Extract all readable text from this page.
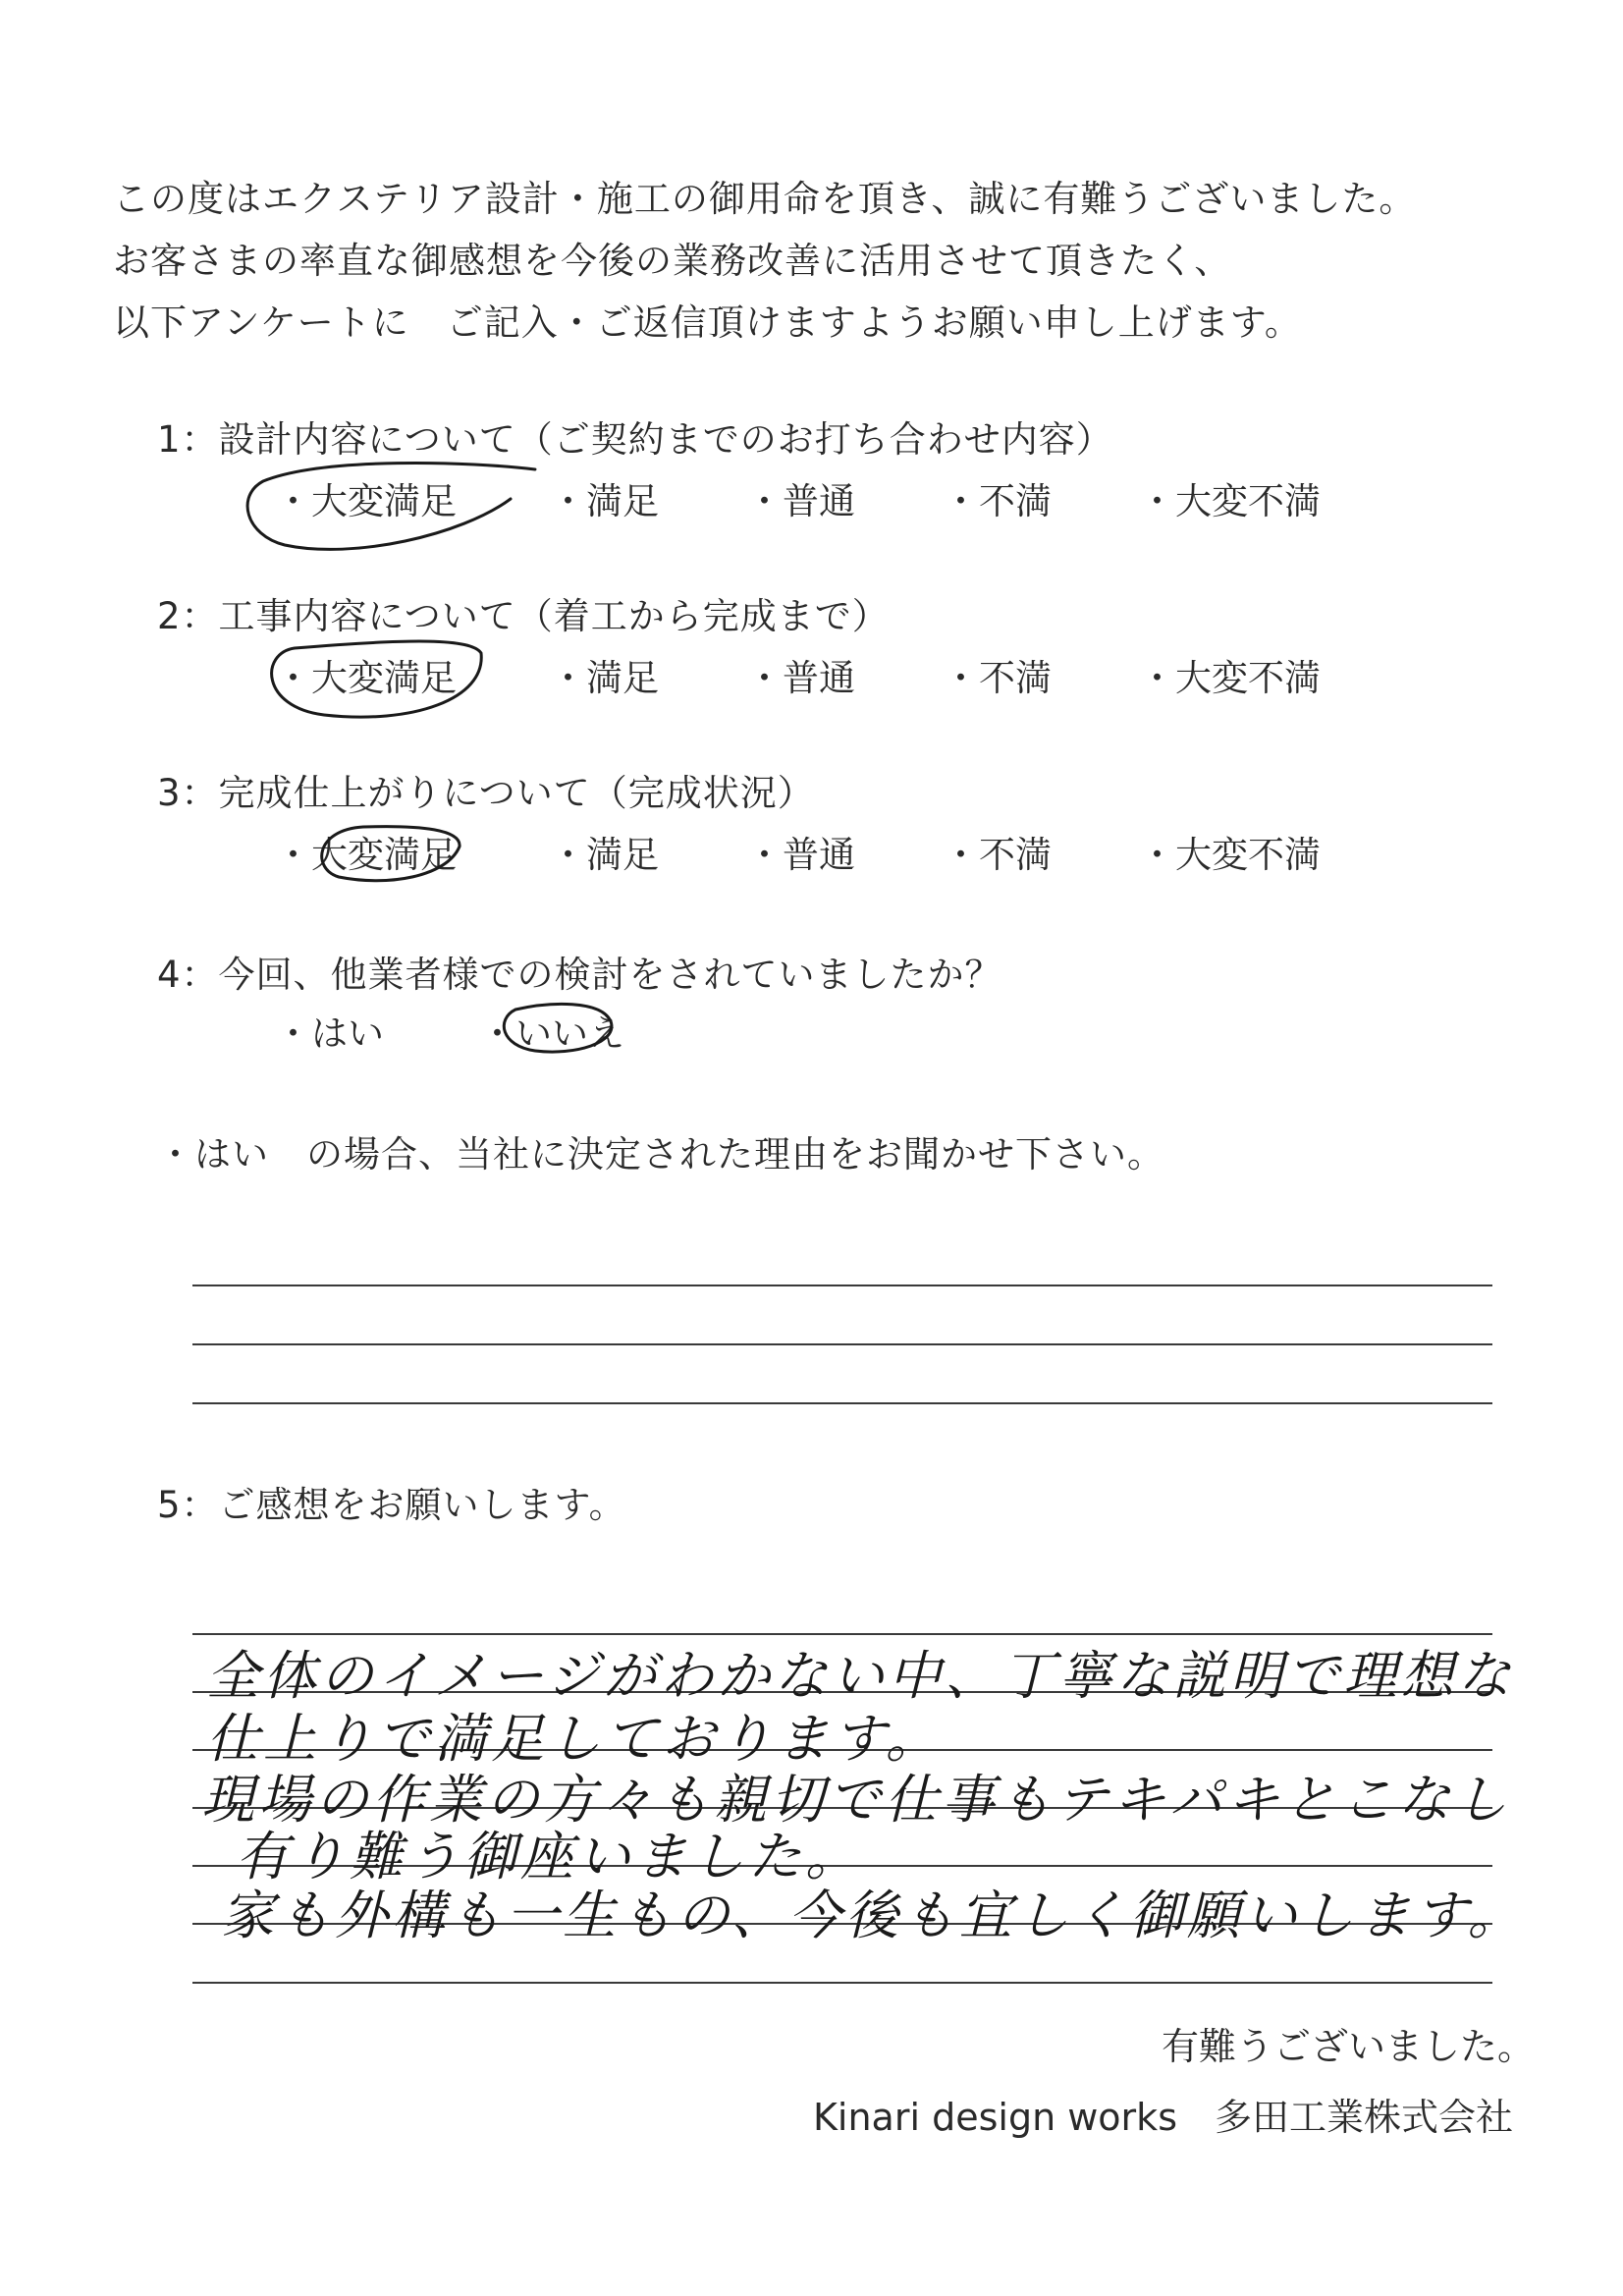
この度はエクステリア設計・施工の御用命を頂き、誠に有難うございました。
お客さまの率直な御感想を今後の業務改善に活用させて頂きたく、
以下アンケートに　ご記入・ご返信頂けますようお願い申し上げます。
1：設計内容について（ご契約までのお打ち合わせ内容）
・大変満足	・満足 ・普通 ・不満 ・大変不満
2：工事内容について（着工から完成まで）
・大変満足	・満足 ・普通 ・不満 ・大変不満
3：完成仕上がりについて（完成状況）
・大変満足	・満足 ・普通 ・不満 ・大変不満
4：今回、他業者様での検討をされていましたか？
・はい	・いいえ
・はい　の場合、当社に決定された理由をお聞かせ下さい。
5：ご感想をお願いします。
全体のイメージがわかない中、丁寧な説明で理想な
仕上りで満足しております。
現場の作業の方々も親切で仕事もテキパキとこなし
有り難う御座いました。
家も外構も一生もの、今後も宜しく御願いします。
有難うございました。
Kinari design works　多田工業株式会社
